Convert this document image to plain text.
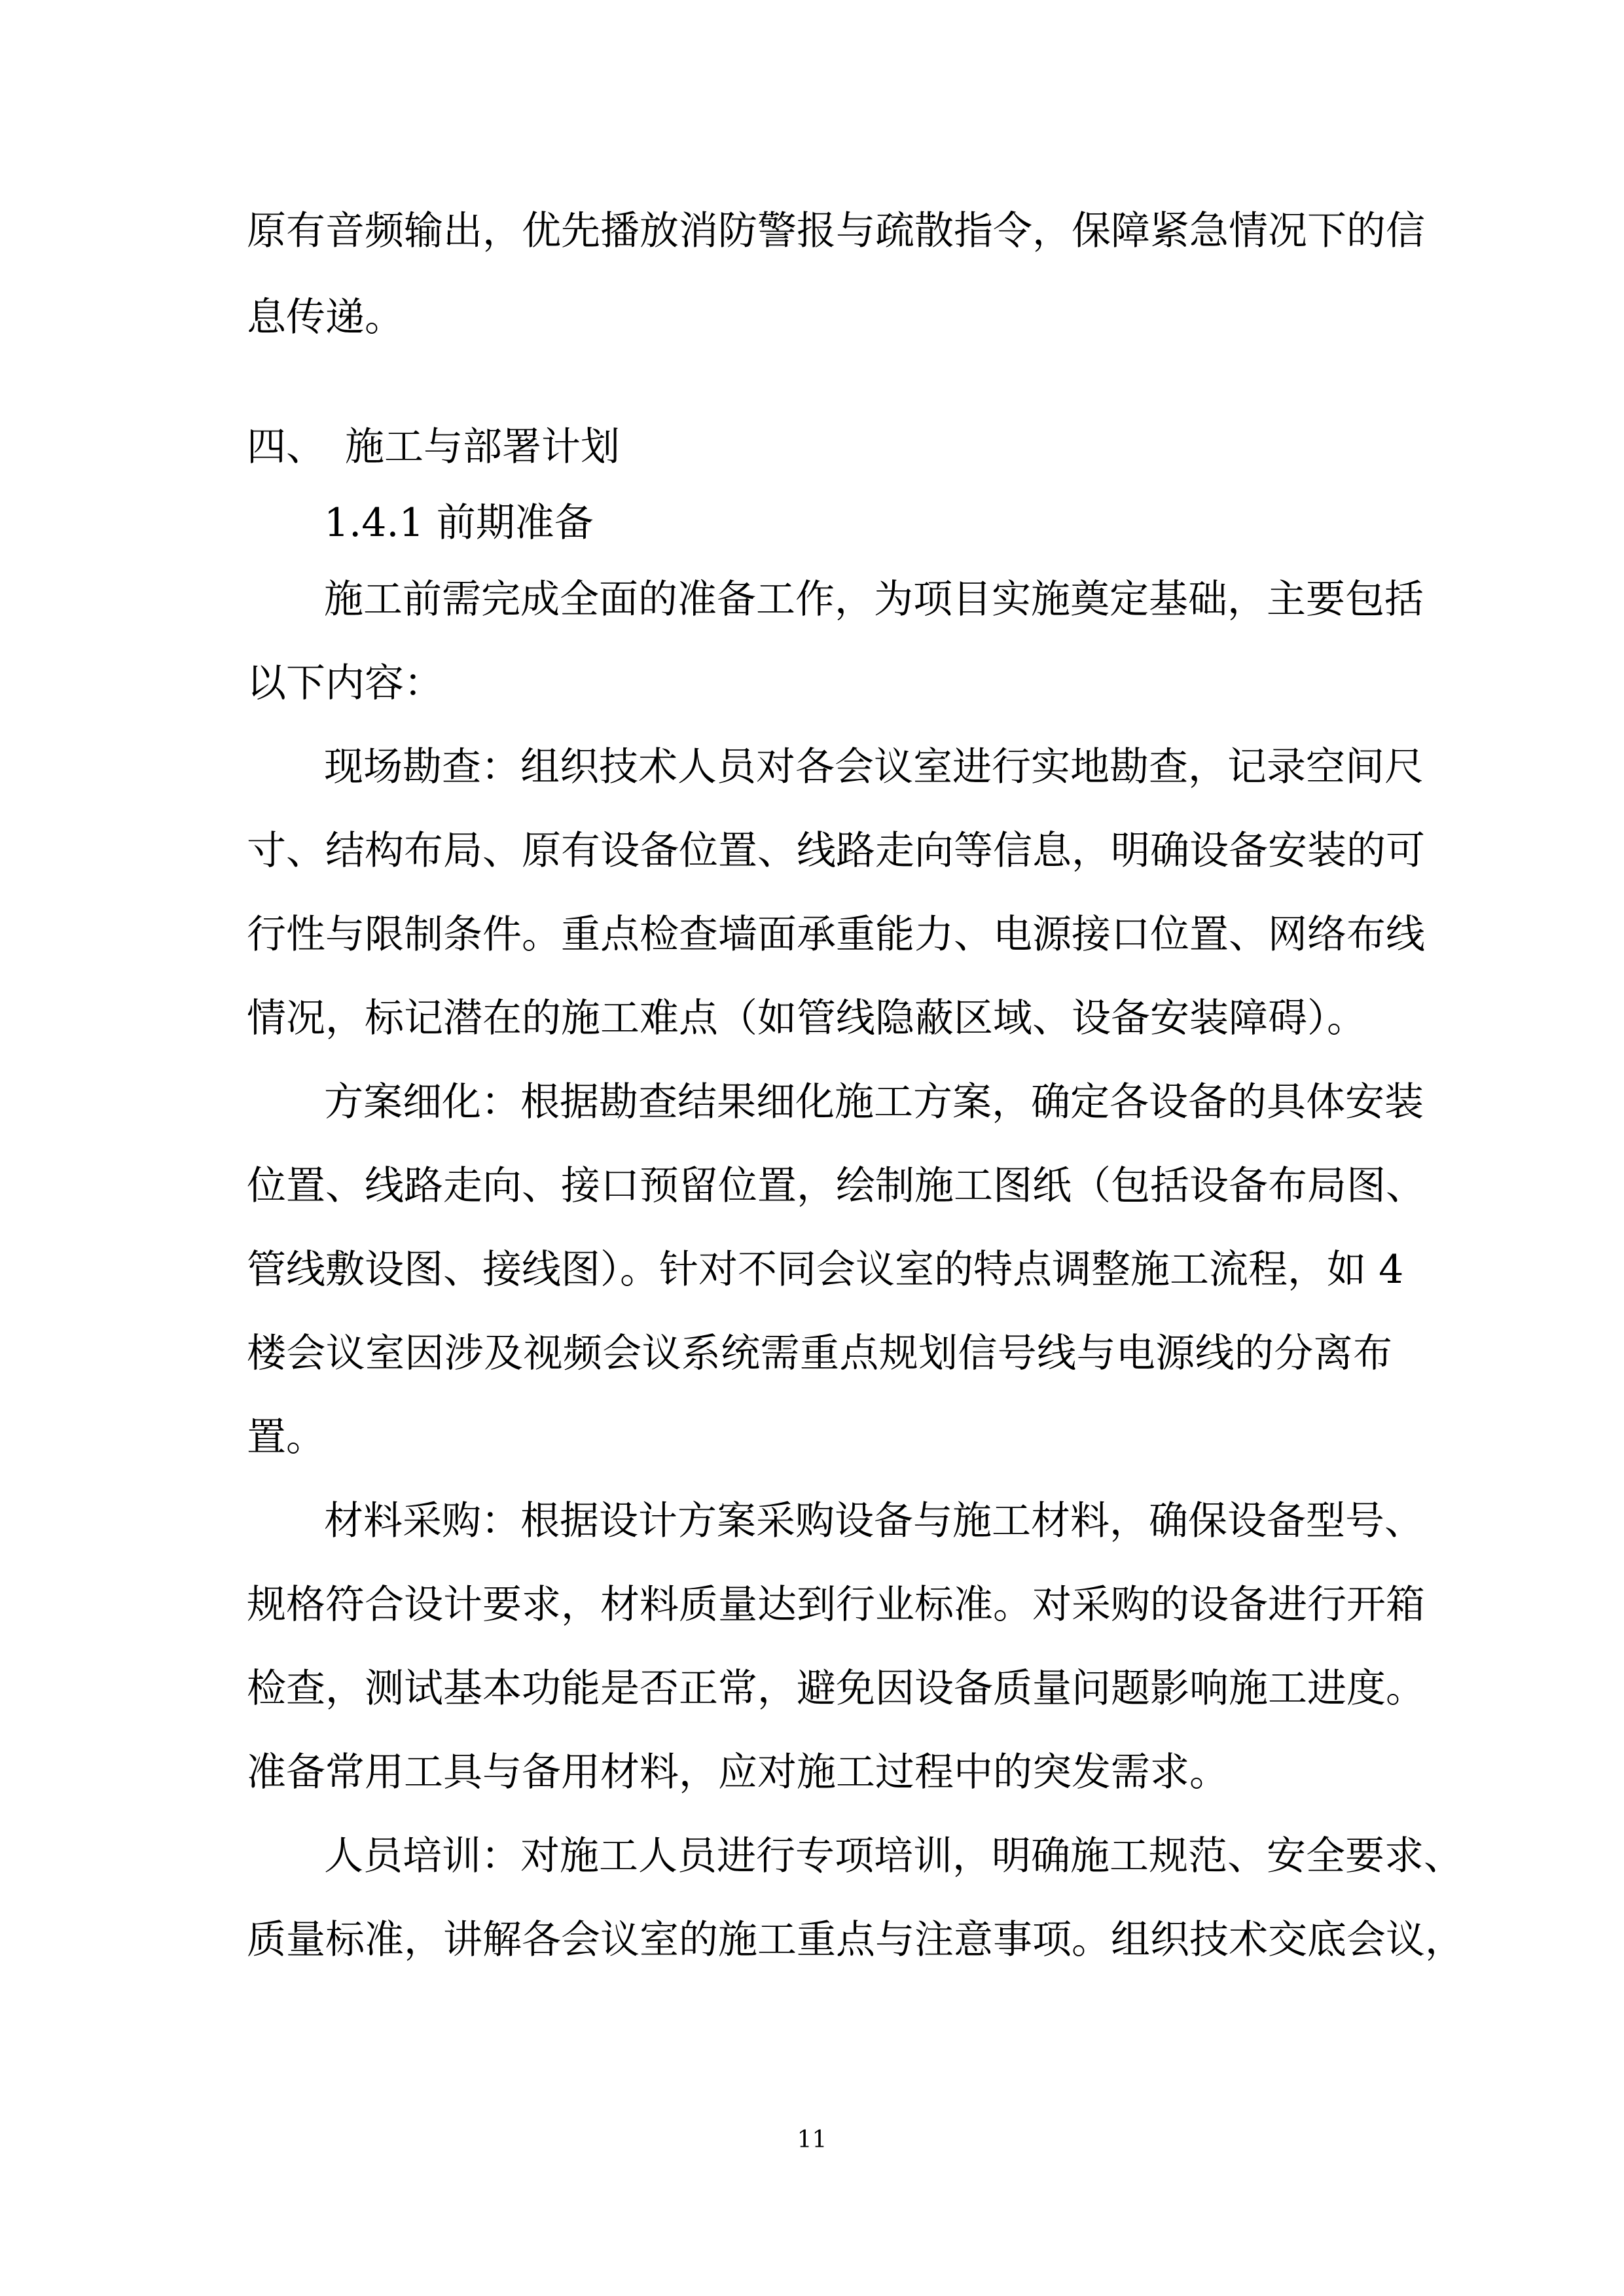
原有音频输出，优先播放消防警报与疏散指令，保障紧急情况下的信
息传递。
四、 施工与部署计划
1.4.1 前期准备
施工前需完成全面的准备工作，为项目实施奠定基础，主要包括
以下内容：
现场勘查：组织技术人员对各会议室进行实地勘查，记录空间尺
寸、结构布局、原有设备位置、线路走向等信息，明确设备安装的可
行性与限制条件。重点检查墙面承重能力、电源接口位置、网络布线
情况，标记潜在的施工难点（如管线隐蔽区域、设备安装障碍）。
方案细化：根据勘查结果细化施工方案，确定各设备的具体安装
位置、线路走向、接口预留位置，绘制施工图纸（包括设备布局图、
管线敷设图、接线图）。针对不同会议室的特点调整施工流程，如 4
楼会议室因涉及视频会议系统需重点规划信号线与电源线的分离布
置。
材料采购：根据设计方案采购设备与施工材料，确保设备型号、
规格符合设计要求，材料质量达到行业标准。对采购的设备进行开箱
检查，测试基本功能是否正常，避免因设备质量问题影响施工进度。
准备常用工具与备用材料，应对施工过程中的突发需求。
人员培训：对施工人员进行专项培训，明确施工规范、安全要求、
质量标准，讲解各会议室的施工重点与注意事项。组织技术交底会议，
11
